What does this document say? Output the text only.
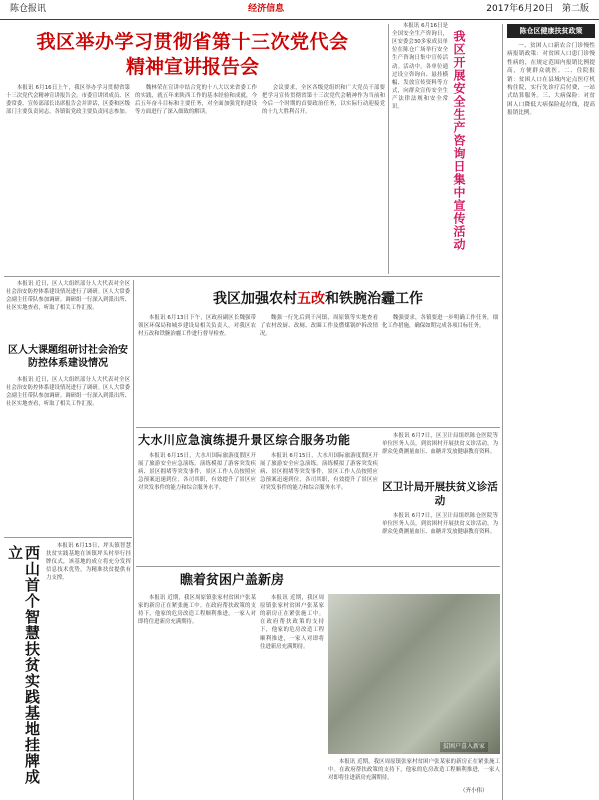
陈仓报讯	经济信息	2017年6月20日 第二版
我区举办学习贯彻省第十三次党代会
精神宣讲报告会

本报讯 6月16日上午，我区举办学习贯彻省第十三次党代会精神宣讲报告会。市委宣讲团成员、区委常委、宣传部部长出席报告会并讲话，区委和区级部门主要负责同志，各镇街党政主要负责同志参加。

魏林荣在宣讲中结合党的十八大以来省委工作的实践，就五年来陕西工作的基本经验和成就，今后五年奋斗目标和主要任务，对全面加强党的建设等方面进行了深入细致的解读。

会议要求，全区各级党组织和广大党员干部要把学习宣传贯彻省第十三次党代会精神作为当前和今后一个时期的首要政治任务，以实际行动迎接党的十九大胜利召开。

本报讯 6月16日是全国安全生产咨询日，区安委会30多家成员单位在陈仓广场举行安全生产咨询日集中宣传活动。活动中，各单位通过设立咨询台、悬挂横幅、发放宣传资料等方式，向群众宣传安全生产法律法规和安全常识。	我区开展安全生产咨询日集中宣传活动	陈仓区健康扶贫政策

一、贫困人口新农合门诊慢性病报销政策：对贫困人口患门诊慢性病的，在规定范围内报销比例提高，方便群众就医。二、住院报销：贫困人口在县域内定点医疗机构住院，实行先诊疗后付费，一站式结算服务。三、大病保险：对贫困人口降低大病保险起付线，提高报销比例。

本报讯 近日，区人大组织部分人大代表对全区社会治安防控体系建设情况进行了调研。区人大常委会副主任带队参加调研。调研组一行深入到派出所、社区实地查看，听取了相关工作汇报。

区人大课题组研讨社会治安防控体系建设情况

本报讯 近日，区人大组织部分人大代表对全区社会治安防控体系建设情况进行了调研。区人大常委会副主任带队参加调研。调研组一行深入到派出所、社区实地查看，听取了相关工作汇报。

我区加强农村五改和铁腕治霾工作

本报讯 6月13日下午，区政府副区长魏强带领区环保局和城乡建设局相关负责人，对我区农村五改和铁腕治霾工作进行督导检查。

魏强一行先后到千河镇、周原镇等实地查看了农村改厨、改厕、改圈工作及燃煤锅炉拆改情况。

魏强要求，各镇要进一步明确工作任务，细化工作措施，确保如期完成各项目标任务。

大水川应急演练提升景区综合服务功能

本报讯 6月15日，大水川国际旅游度假区开展了旅游安全应急演练。演练模拟了游客突发疾病、景区拥堵等突发事件，景区工作人员按照应急预案迅速到位，各司其职，有效提升了景区应对突发事件的能力和综合服务水平。

本报讯 6月15日，大水川国际旅游度假区开展了旅游安全应急演练。演练模拟了游客突发疾病、景区拥堵等突发事件，景区工作人员按照应急预案迅速到位，各司其职，有效提升了景区应对突发事件的能力和综合服务水平。

本报讯 6月7日，区卫计局组织陈仓医院等单位医务人员，到贫困村开展扶贫义诊活动，为群众免费测量血压、血糖并发放健康教育资料。

区卫计局开展扶贫义诊活动

本报讯 6月7日，区卫计局组织陈仓医院等单位医务人员，到贫困村开展扶贫义诊活动，为群众免费测量血压、血糖并发放健康教育资料。

西山首个智慧扶贫实践基地挂牌成立	本报讯 6月13日，坪头镇智慧扶贫实践基地在该镇坪头村举行挂牌仪式，该基地的成立将充分发挥信息技术优势，为精准扶贫提供有力支撑。	瞧着贫困户盖新房

本报讯 近期，我区周原镇张家村贫困户张某家的新房正在紧张施工中。在政府帮扶政策的支持下，他家的危房改造工程顺利推进，一家人对即将住进新房充满期待。

本报讯 近期，我区周原镇张家村贫困户张某家的新房正在紧张施工中。在政府帮扶政策的支持下，他家的危房改造工程顺利推进，一家人对即将住进新房充满期待。

贫困户喜入新家

本报讯 近期，我区周原镇张家村贫困户张某家的新房正在紧张施工中。在政府帮扶政策的支持下，他家的危房改造工程顺利推进，一家人对即将住进新房充满期待。

（齐小伟）
